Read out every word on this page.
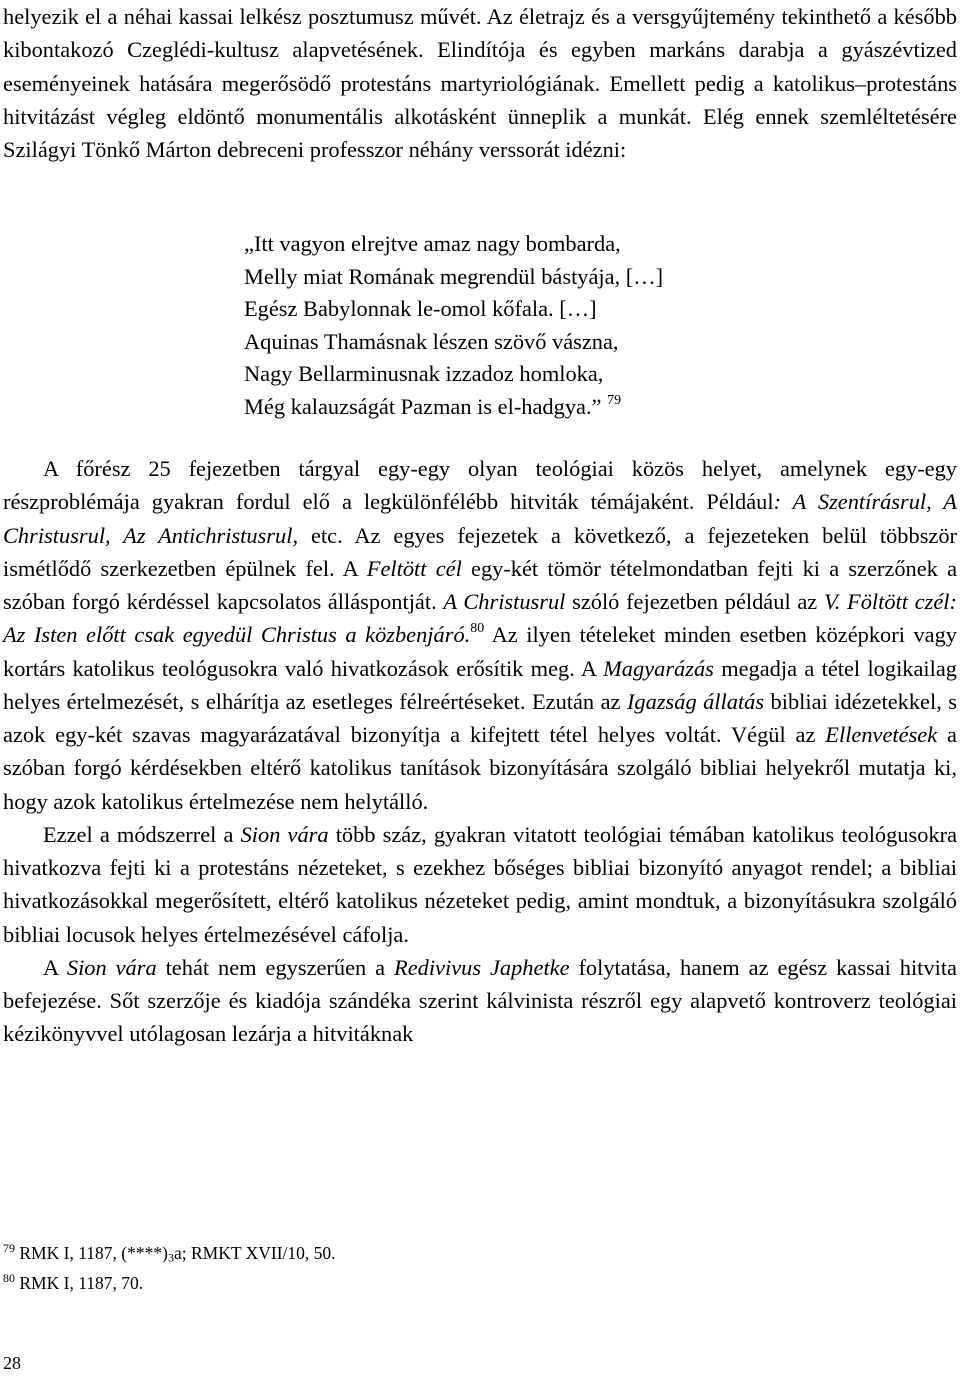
helyezik el a néhai kassai lelkész posztumusz művét. Az életrajz és a versgyűjtemény tekinthető a később kibontakozó Czeglédi-kultusz alapvetésének. Elindítója és egyben markáns darabja a gyászévtized eseményeinek hatására megerősödő protestáns martyriológiának. Emellett pedig a katolikus–protestáns hitvitázást végleg eldöntő monumentális alkotásként ünneplik a munkát. Elég ennek szemléltetésére Szilágyi Tönkő Márton debreceni professzor néhány verssorát idézni:

„Itt vagyon elrejtve amaz nagy bombarda,
Melly miat Romának megrendül bástyája, […]
Egész Babylonnak le-omol kőfala. […]
Aquinas Thamásnak lészen szövő vászna,
Nagy Bellarminusnak izzadoz homloka,
Még kalauzságát Pazman is el-hadgya.” $^{79}$

A főrész 25 fejezetben tárgyal egy-egy olyan teológiai közös helyet, amelynek egy-egy részproblémája gyakran fordul elő a legkülönfélébb hitviták témájaként. Például: A Szentírásrul, A Christusrul, Az Antichristusrul, etc. Az egyes fejezetek a következő, a fejezeteken belül többször ismétlődő szerkezetben épülnek fel. A Feltött cél egy-két tömör tételmondatban fejti ki a szerzőnek a szóban forgó kérdéssel kapcsolatos álláspontját. A Christusrul szóló fejezetben például az V. Föltött czél: Az Isten előtt csak egyedül Christus a közbenjáró.$^{80}$ Az ilyen tételeket minden esetben középkori vagy kortárs katolikus teológusokra való hivatkozások erősítik meg. A Magyarázás megadja a tétel logikailag helyes értelmezését, s elhárítja az esetleges félreértéseket. Ezután az Igazság állatás bibliai idézetekkel, s azok egy-két szavas magyarázatával bizonyítja a kifejtett tétel helyes voltát. Végül az Ellenvetések a szóban forgó kérdésekben eltérő katolikus tanítások bizonyítására szolgáló bibliai helyekről mutatja ki, hogy azok katolikus értelmezése nem helytálló.

Ezzel a módszerrel a Sion vára több száz, gyakran vitatott teológiai témában katolikus teológusokra hivatkozva fejti ki a protestáns nézeteket, s ezekhez bőséges bibliai bizonyító anyagot rendel; a bibliai hivatkozásokkal megerősített, eltérő katolikus nézeteket pedig, amint mondtuk, a bizonyításukra szolgáló bibliai locusok helyes értelmezésével cáfolja.

A Sion vára tehát nem egyszerűen a Redivivus Japhetke folytatása, hanem az egész kassai hitvita befejezése. Sőt szerzője és kiadója szándéka szerint kálvinista részről egy alapvető kontroverz teológiai kézikönyvvel utólagosan lezárja a hitvitáknak

$^{79}$ RMK I, 1187, (****)3a; RMKT XVII/10, 50.
$^{80}$ RMK I, 1187, 70.
28
